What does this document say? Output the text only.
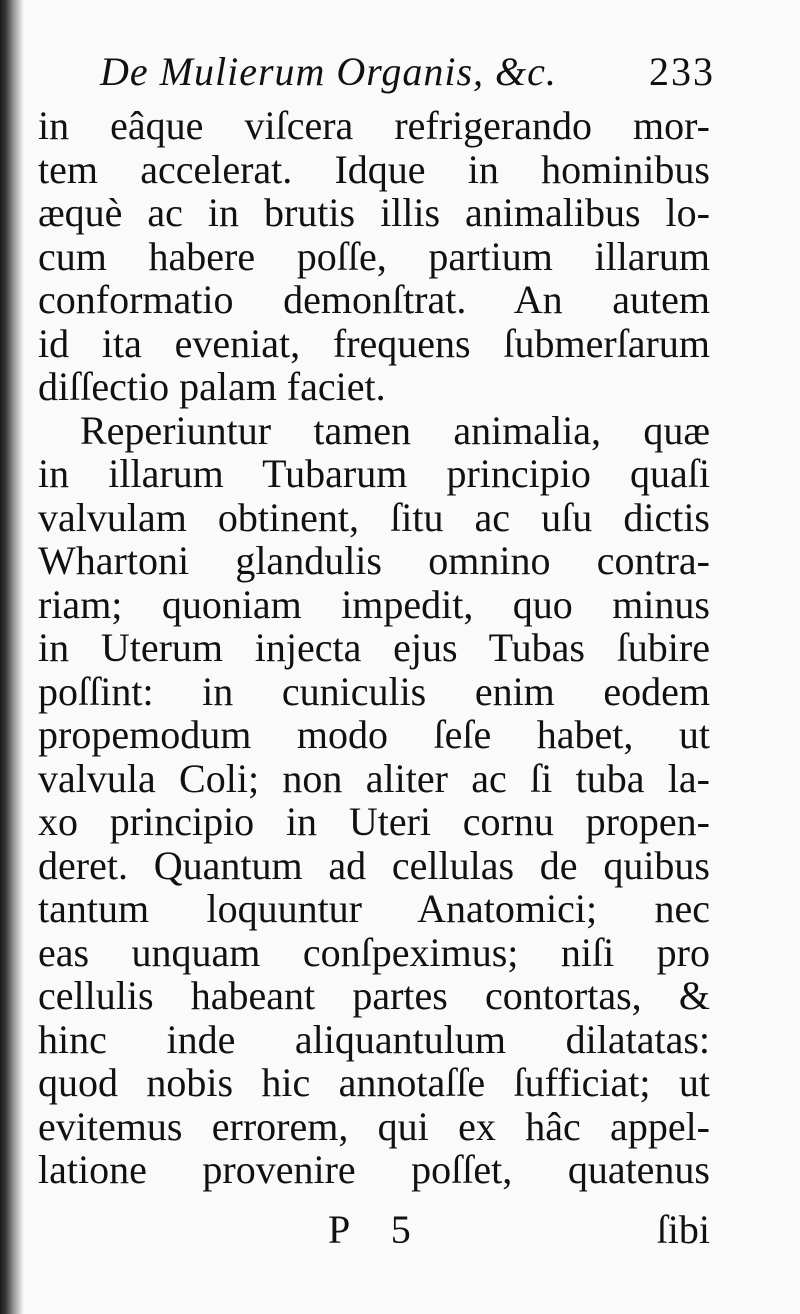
De Mulierum Organis, &c. 233
in eâque viſcera refrigerando mor-
tem accelerat. Idque in hominibus
æquè ac in brutis illis animalibus lo-
cum habere poſſe, partium illarum
conformatio demonſtrat. An autem
id ita eveniat, frequens ſubmerſarum
diſſectio palam faciet.
Reperiuntur tamen animalia, quæ
in illarum Tubarum principio quaſi
valvulam obtinent, ſitu ac uſu dictis
Whartoni glandulis omnino contra-
riam; quoniam impedit, quo minus
in Uterum injecta ejus Tubas ſubire
poſſint: in cuniculis enim eodem
propemodum modo ſeſe habet, ut
valvula Coli; non aliter ac ſi tuba la-
xo principio in Uteri cornu propen-
deret. Quantum ad cellulas de quibus
tantum loquuntur Anatomici; nec
eas unquam conſpeximus; niſi pro
cellulis habeant partes contortas, &
hinc inde aliquantulum dilatatas:
quod nobis hic annotaſſe ſufficiat; ut
evitemus errorem, qui ex hâc appel-
latione provenire poſſet, quatenus
P 5	ſibi
